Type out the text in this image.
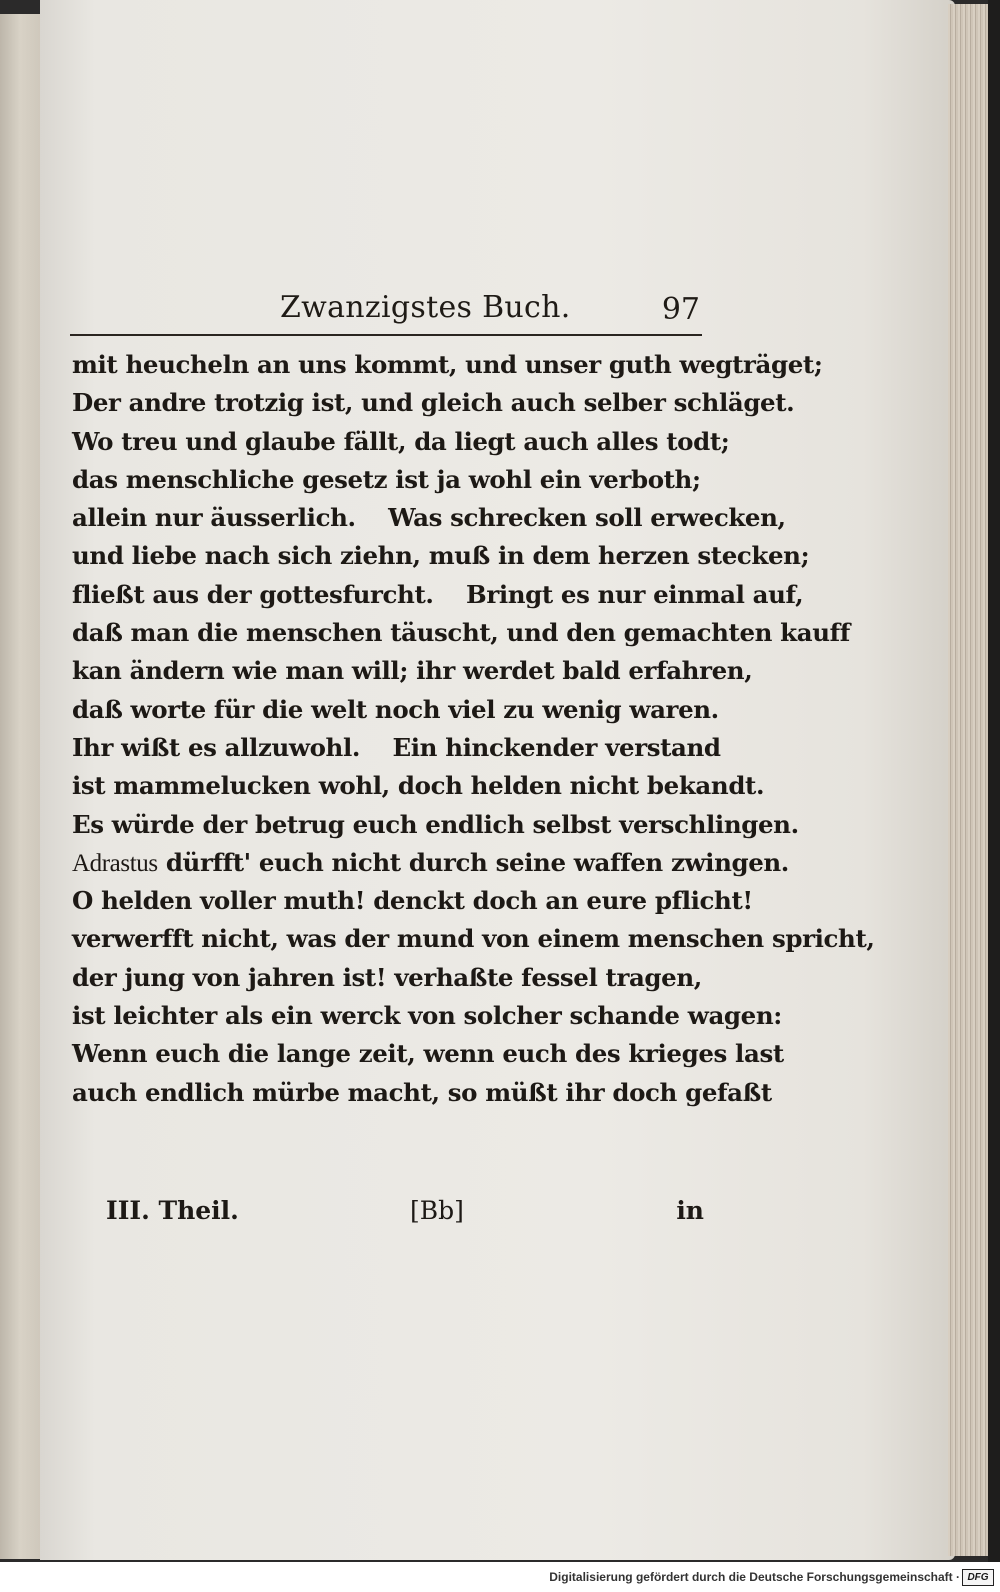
Zwanzigstes Buch.	97
mit heucheln an uns kommt, und unser guth wegträget;
Der andre trotzig ist, und gleich auch selber schläget.
Wo treu und glaube fällt, da liegt auch alles todt;
das menschliche gesetz ist ja wohl ein verboth;
allein nur äusserlich.    Was schrecken soll erwecken,
und liebe nach sich ziehn, muß in dem herzen stecken;
fließt aus der gottesfurcht.    Bringt es nur einmal auf,
daß man die menschen täuscht, und den gemachten kauff
kan ändern wie man will; ihr werdet bald erfahren,
daß worte für die welt noch viel zu wenig waren.
Ihr wißt es allzuwohl.    Ein hinckender verstand
ist mammelucken wohl, doch helden nicht bekandt.
Es würde der betrug euch endlich selbst verschlingen.
Adrastus dürfft' euch nicht durch seine waffen zwingen.
O helden voller muth! denckt doch an eure pflicht!
verwerfft nicht, was der mund von einem menschen spricht,
der jung von jahren ist! verhaßte fessel tragen,
ist leichter als ein werck von solcher schande wagen:
Wenn euch die lange zeit, wenn euch des krieges last
auch endlich mürbe macht, so müßt ihr doch gefaßt
III. Theil.	[Bb]	in
Digitalisierung gefördert durch die Deutsche Forschungsgemeinschaft · DFG
